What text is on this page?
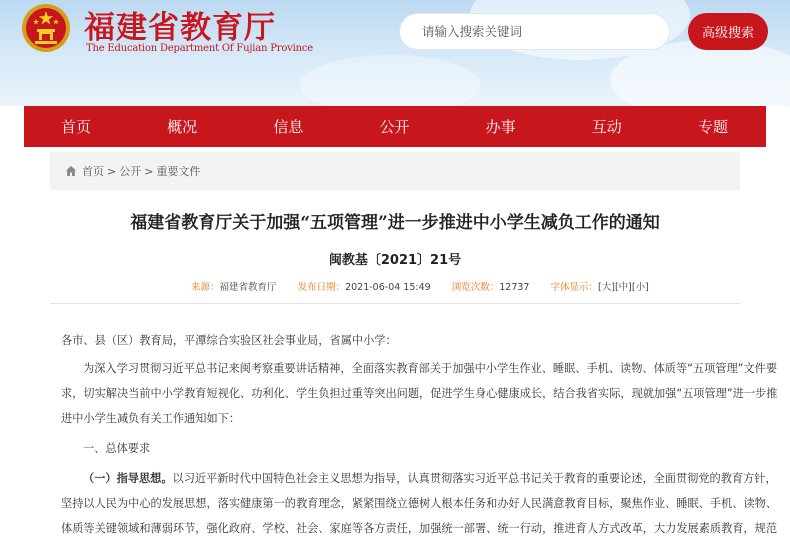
福建省教育厅
The Education Department Of Fujian Province
请输入搜索关键词
高级搜索
首页	概况	信息	公开	办事	互动	专题
首页 > 公开 > 重要文件
福建省教育厅关于加强“五项管理”进一步推进中小学生减负工作的通知
闽教基〔2021〕21号
来源：福建省教育厅 发布日期：2021-06-04 15:49 浏览次数：12737 字体显示：[大][中][小]
各市、县（区）教育局，平潭综合实验区社会事业局，省属中小学：
为深入学习贯彻习近平总书记来闽考察重要讲话精神，全面落实教育部关于加强中小学生作业、睡眠、手机、读物、体质等“五项管理”文件要
求，切实解决当前中小学教育短视化、功利化、学生负担过重等突出问题，促进学生身心健康成长，结合我省实际，现就加强“五项管理”进一步推
进中小学生减负有关工作通知如下：
一、总体要求
（一）指导思想。以习近平新时代中国特色社会主义思想为指导，认真贯彻落实习近平总书记关于教育的重要论述，全面贯彻党的教育方针，
坚持以人民为中心的发展思想，落实健康第一的教育理念，紧紧围绕立德树人根本任务和办好人民满意教育目标，聚焦作业、睡眠、手机、读物、
体质等关键领域和薄弱环节，强化政府、学校、社会、家庭等各方责任，加强统一部署、统一行动，推进育人方式改革，大力发展素质教育，规范
